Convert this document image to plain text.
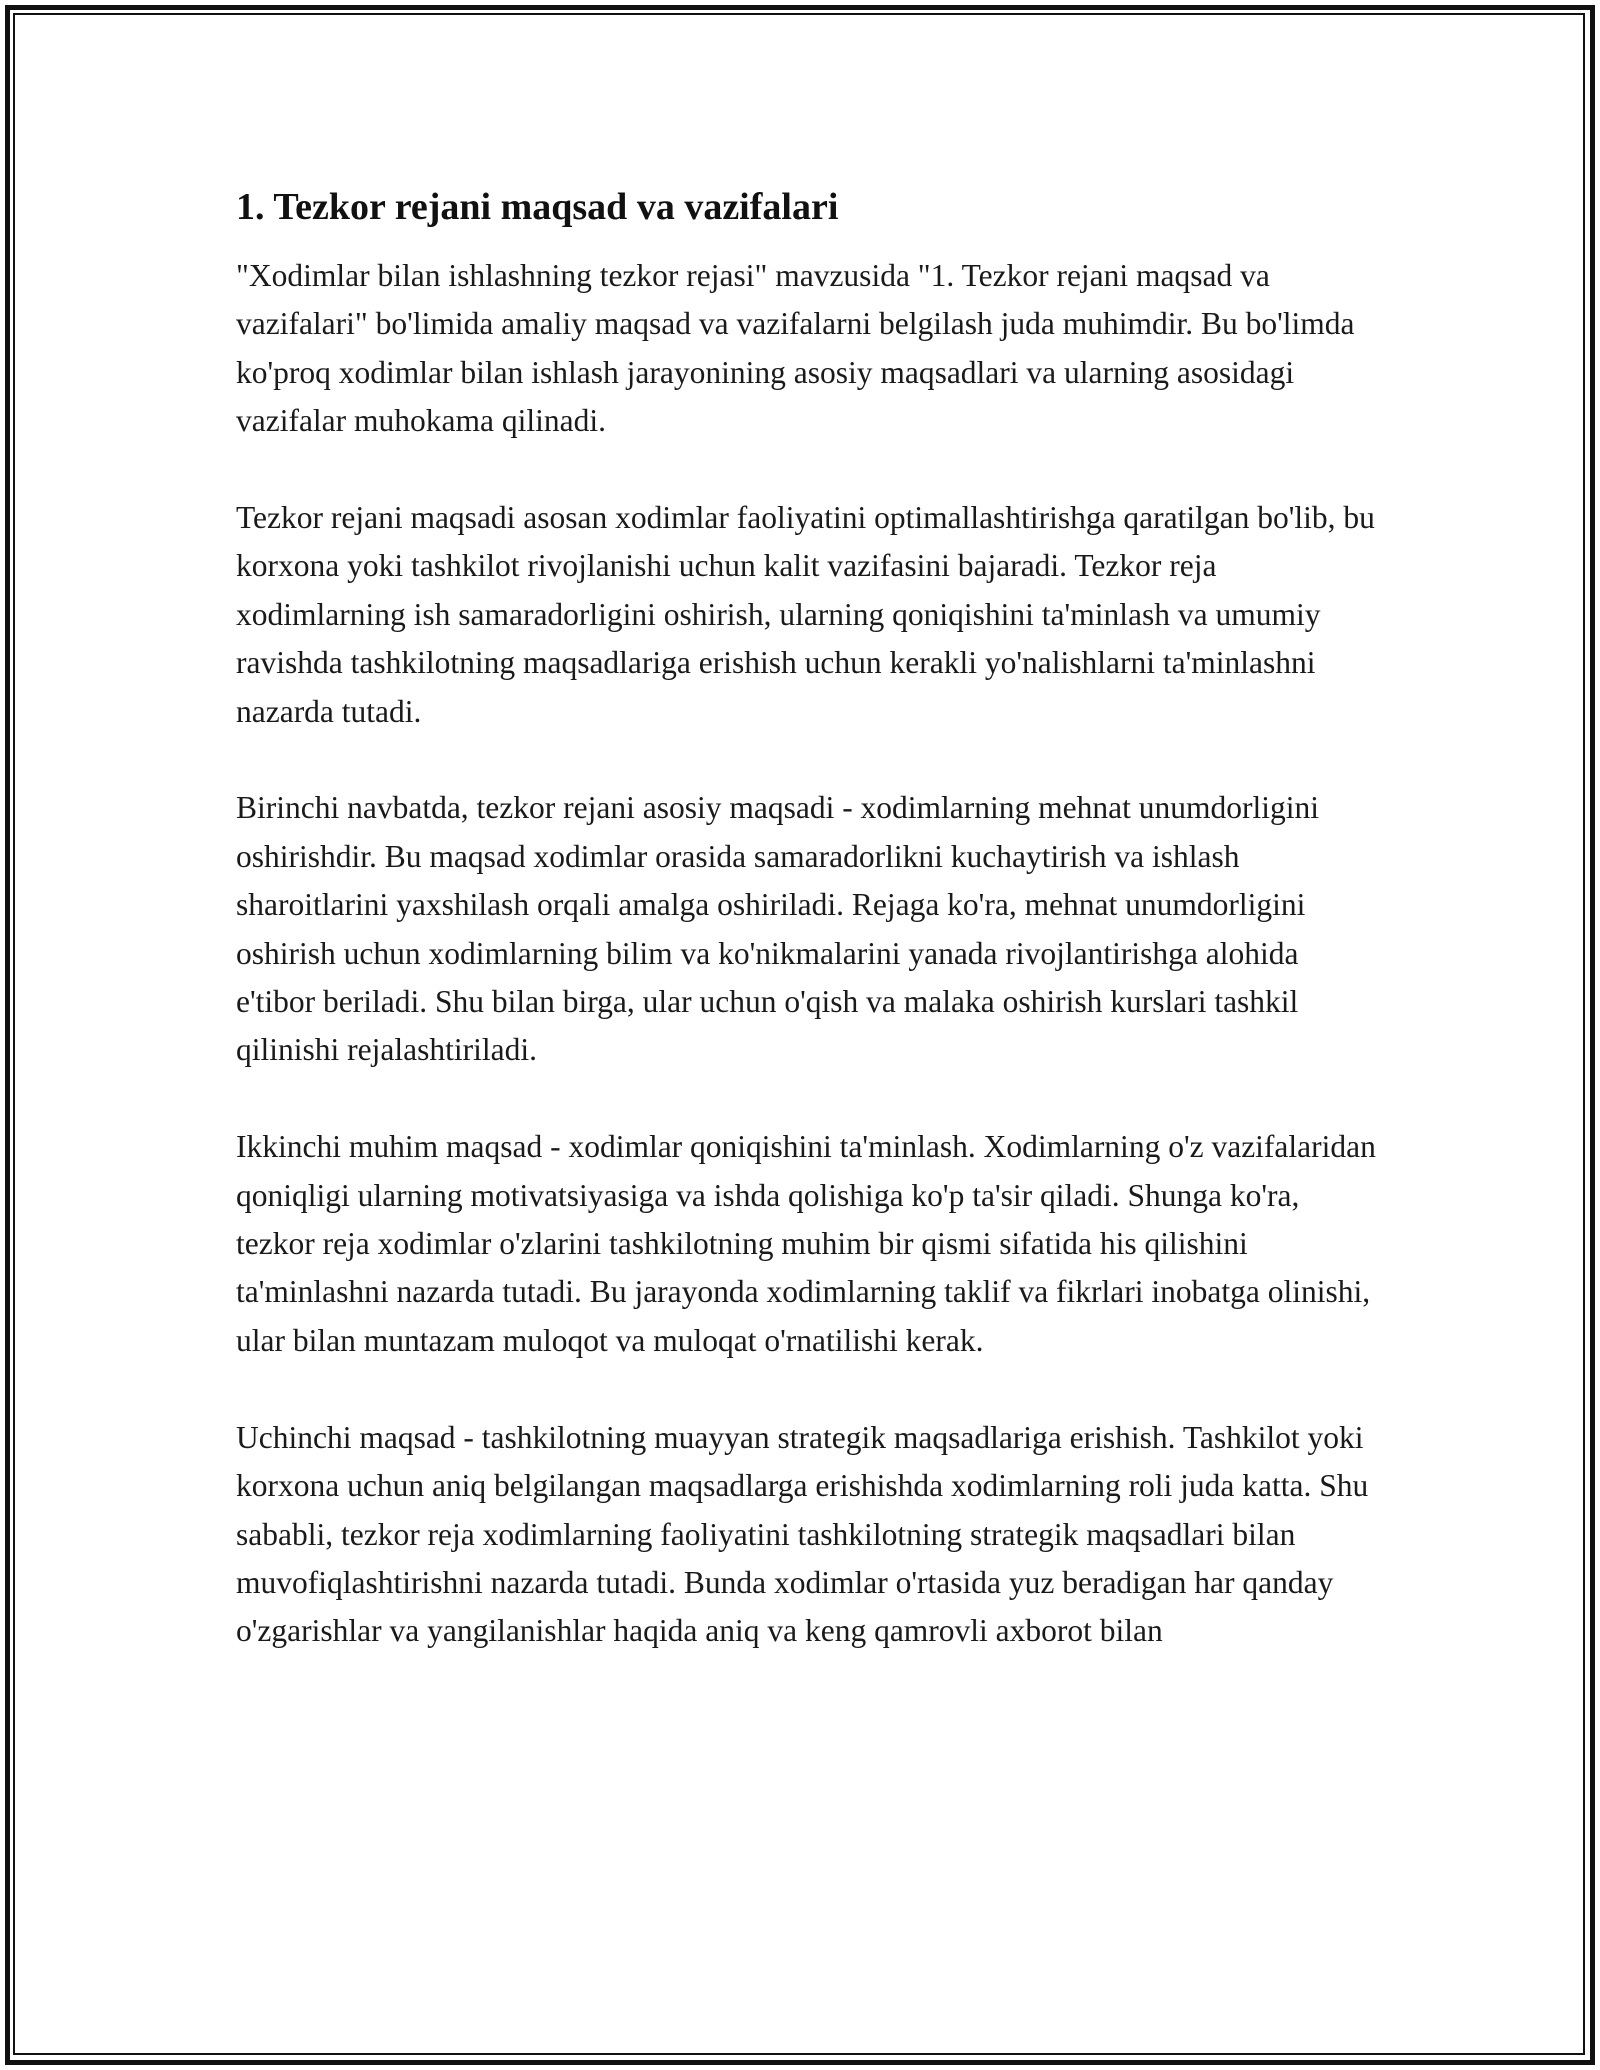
1. Tezkor rejani maqsad va vazifalari

"Xodimlar bilan ishlashning tezkor rejasi" mavzusida "1. Tezkor rejani maqsad va vazifalari" bo'limida amaliy maqsad va vazifalarni belgilash juda muhimdir. Bu bo'limda ko'proq xodimlar bilan ishlash jarayonining asosiy maqsadlari va ularning asosidagi vazifalar muhokama qilinadi.

Tezkor rejani maqsadi asosan xodimlar faoliyatini optimallashtirishga qaratilgan bo'lib, bu korxona yoki tashkilot rivojlanishi uchun kalit vazifasini bajaradi. Tezkor reja xodimlarning ish samaradorligini oshirish, ularning qoniqishini ta'minlash va umumiy ravishda tashkilotning maqsadlariga erishish uchun kerakli yo'nalishlarni ta'minlashni nazarda tutadi.

Birinchi navbatda, tezkor rejani asosiy maqsadi - xodimlarning mehnat unumdorligini oshirishdir. Bu maqsad xodimlar orasida samaradorlikni kuchaytirish va ishlash sharoitlarini yaxshilash orqali amalga oshiriladi. Rejaga ko'ra, mehnat unumdorligini oshirish uchun xodimlarning bilim va ko'nikmalarini yanada rivojlantirishga alohida e'tibor beriladi. Shu bilan birga, ular uchun o'qish va malaka oshirish kurslari tashkil qilinishi rejalashtiriladi.

Ikkinchi muhim maqsad - xodimlar qoniqishini ta'minlash. Xodimlarning o'z vazifalaridan qoniqligi ularning motivatsiyasiga va ishda qolishiga ko'p ta'sir qiladi. Shunga ko'ra, tezkor reja xodimlar o'zlarini tashkilotning muhim bir qismi sifatida his qilishini ta'minlashni nazarda tutadi. Bu jarayonda xodimlarning taklif va fikrlari inobatga olinishi, ular bilan muntazam muloqot va muloqat o'rnatilishi kerak.

Uchinchi maqsad - tashkilotning muayyan strategik maqsadlariga erishish. Tashkilot yoki korxona uchun aniq belgilangan maqsadlarga erishishda xodimlarning roli juda katta. Shu sababli, tezkor reja xodimlarning faoliyatini tashkilotning strategik maqsadlari bilan muvofiqlashtirishni nazarda tutadi. Bunda xodimlar o'rtasida yuz beradigan har qanday o'zgarishlar va yangilanishlar haqida aniq va keng qamrovli axborot bilan
